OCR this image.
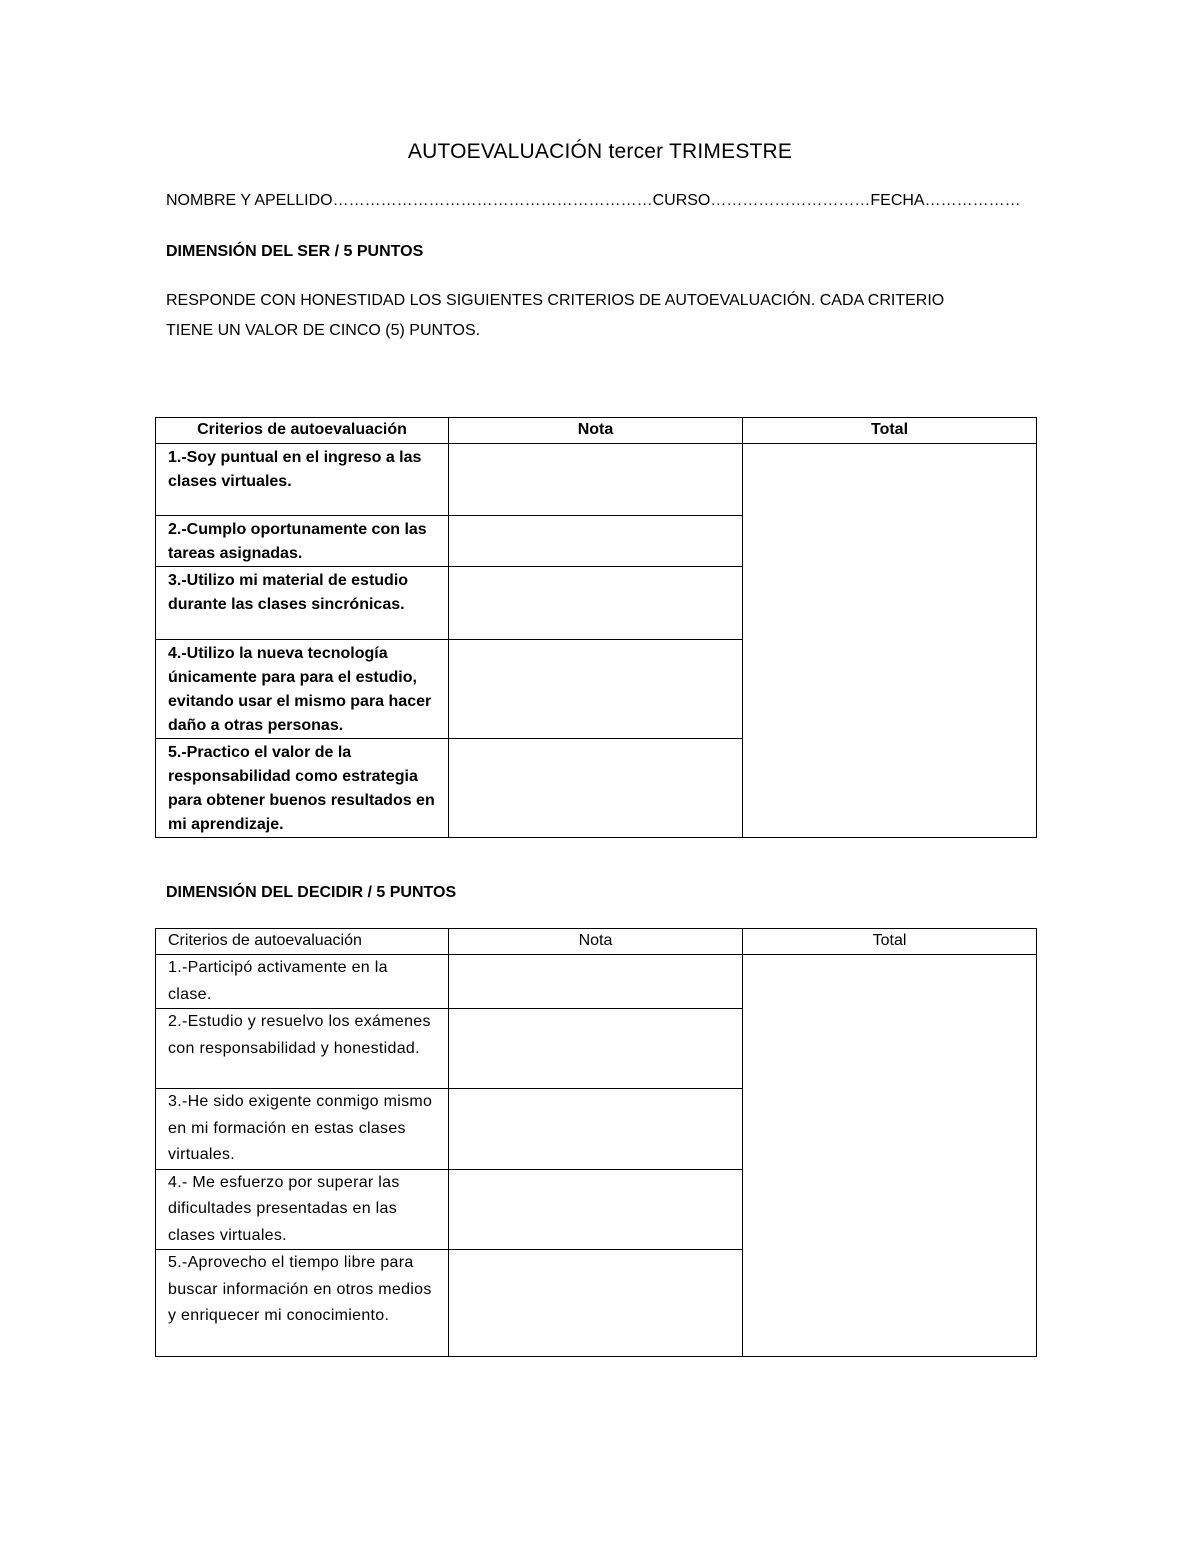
AUTOEVALUACIÓN tercer TRIMESTRE
NOMBRE Y APELLIDO……………………………………………………CURSO…………………………FECHA………………
DIMENSIÓN DEL SER / 5 PUNTOS
RESPONDE CON HONESTIDAD LOS SIGUIENTES CRITERIOS DE AUTOEVALUACIÓN. CADA CRITERIO
TIENE UN VALOR DE CINCO (5) PUNTOS.
Criterios de autoevaluación	Nota	Total
1.-Soy puntual en el ingreso a las clases virtuales.		
2.-Cumplo oportunamente con las tareas asignadas.		
3.-Utilizo mi material de estudio durante las clases sincrónicas.		
4.-Utilizo la nueva tecnología únicamente para para el estudio, evitando usar el mismo para hacer daño a otras personas.		
5.-Practico el valor de la responsabilidad como estrategia para obtener buenos resultados en mi aprendizaje.		
DIMENSIÓN DEL DECIDIR / 5 PUNTOS
Criterios de autoevaluación	Nota	Total
1.-Participó activamente en la clase.		
2.-Estudio y resuelvo los exámenes con responsabilidad y honestidad.		
3.-He sido exigente conmigo mismo en mi formación en estas clases virtuales.		
4.- Me esfuerzo por superar las dificultades presentadas en las clases virtuales.		
5.-Aprovecho el tiempo libre para buscar información en otros medios y enriquecer mi conocimiento.		
